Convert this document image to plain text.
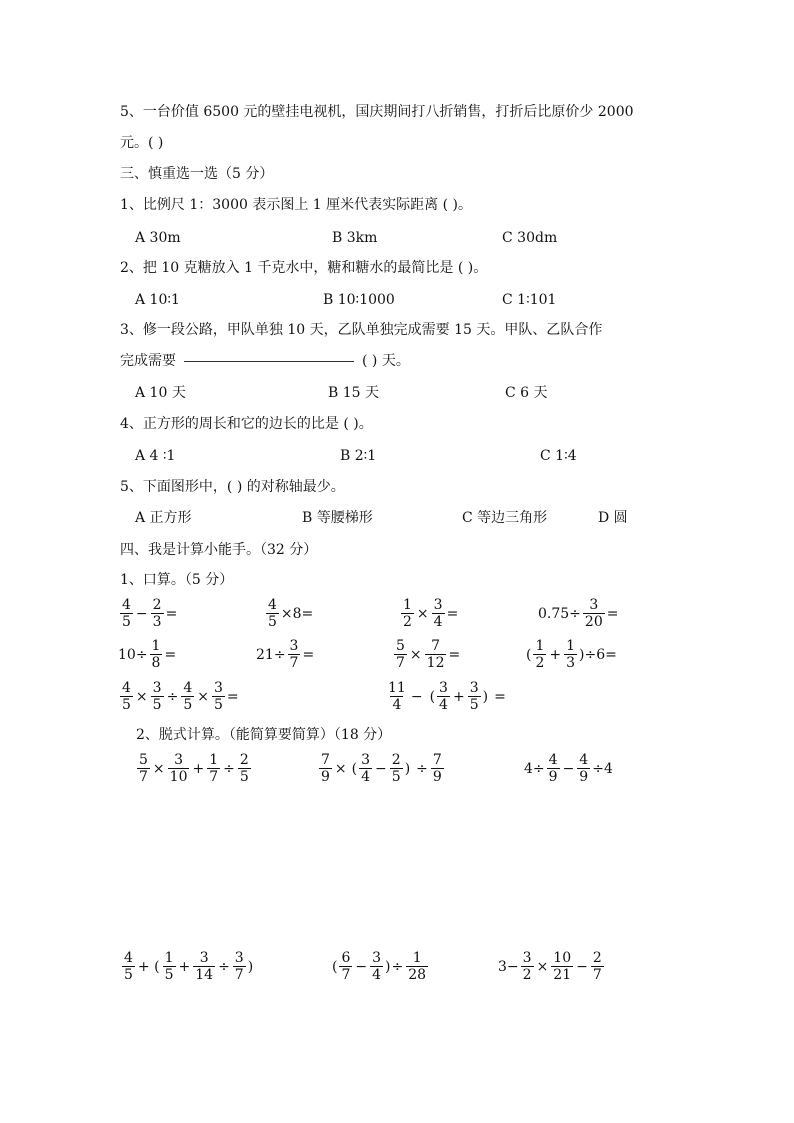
5、一台价值 6500 元的壁挂电视机，国庆期间打八折销售，打折后比原价少 2000
元。( )
三、慎重选一选（5 分）
1、比例尺 1：3000 表示图上 1 厘米代表实际距离 ( )。
A 30m	B 3km	C 30dm
2、把 10 克糖放入 1 千克水中，糖和糖水的最简比是 ( )。
A 10∶1	B 10∶1000	C 1∶101
3、修一段公路，甲队单独 10 天，乙队单独完成需要 15 天。甲队、乙队合作
完成需要	( ) 天。
A 10 天	B 15 天	C 6 天
4、正方形的周长和它的边长的比是 ( )。
A 4 ∶1	B 2∶1	C 1∶4
5、下面图形中，( ) 的对称轴最少。
A 正方形	B 等腰梯形	C 等边三角形	D 圆
四、我是计算小能手。（32 分）
1、口算。（5 分）
$\frac{4}{5} - \frac{2}{3}$ =	$\frac{4}{5} \times 8=$	$\frac{1}{2} \times \frac{3}{4}$ =	$0.75\div \frac{3}{20}$ =
$10\div \frac{1}{8}$ =	$21\div \frac{3}{7}$ =	$\frac{5}{7} \times \frac{7}{12}$ =	( $\frac{1}{2} + \frac{1}{3}$ ) ÷6=
$\frac{4}{5} \times \frac{3}{5} \div \frac{4}{5} \times \frac{3}{5}$ =	$\frac{11}{4}$ − ( $\frac{3}{4} + \frac{3}{5}$ ) =
2、脱式计算。（能简算要简算）（18 分）
$\frac{5}{7} \times \frac{3}{10} + \frac{1}{7} \div \frac{2}{5}$	$\frac{7}{9}$ × ( $\frac{3}{4} - \frac{2}{5}$ ) ÷ $\frac{7}{9}$	$4\div \frac{4}{9} - \frac{4}{9} \div 4$
$\frac{4}{5}$ + ( $\frac{1}{5} + \frac{3}{14} \div \frac{3}{7}$ )	( $\frac{6}{7} - \frac{3}{4}$ ) ÷ $\frac{1}{28}$	$3- \frac{3}{2} \times \frac{10}{21} - \frac{2}{7}$
